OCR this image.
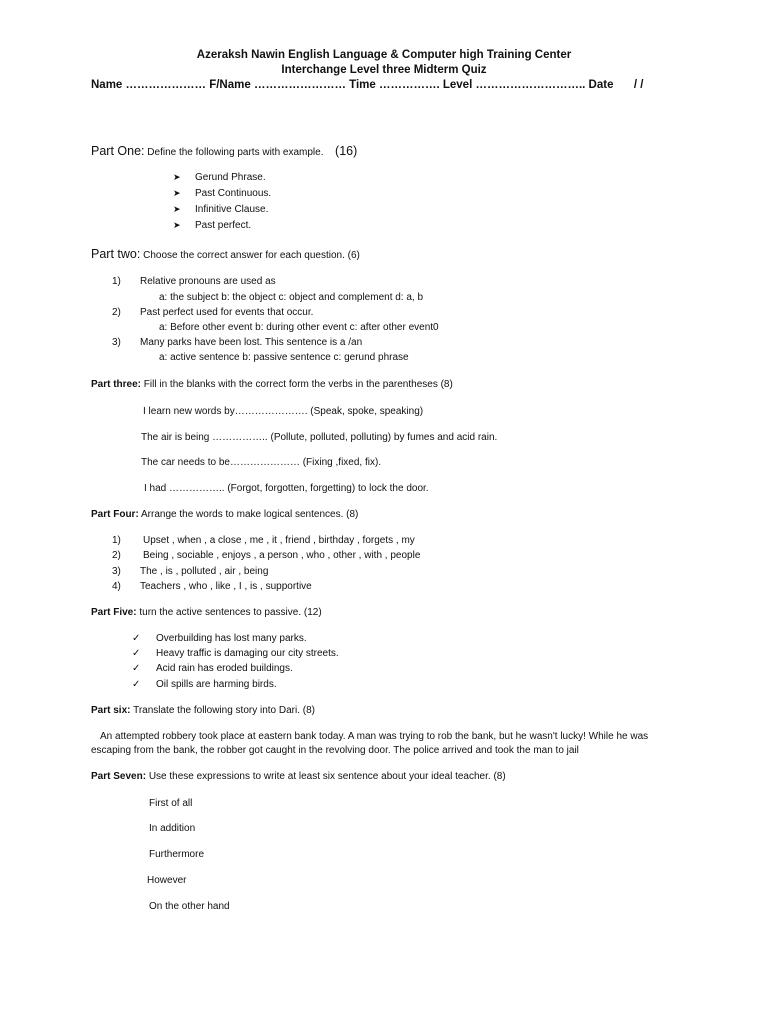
Azeraksh Nawin English Language & Computer high Training Center
Interchange Level three Midterm Quiz
Name ………………… F/Name …………………… Time ……………. Level ……………………….. Date / /
Part One: Define the following parts with example. (16)
➤ Gerund Phrase.
➤ Past Continuous.
➤ Infinitive Clause.
➤ Past perfect.
Part two: Choose the correct answer for each question. (6)
1) Relative pronouns are used as
a: the subject b: the object c: object and complement d: a, b
2) Past perfect used for events that occur.
a: Before other event b: during other event c: after other event0
3) Many parks have been lost. This sentence is a /an
a: active sentence b: passive sentence c: gerund phrase
Part three: Fill in the blanks with the correct form the verbs in the parentheses (8)
I learn new words by…………………. (Speak, spoke, speaking)
The air is being …………….. (Pollute, polluted, polluting) by fumes and acid rain.
The car needs to be………………… (Fixing ,fixed, fix).
I had …………….. (Forgot, forgotten, forgetting) to lock the door.
Part Four: Arrange the words to make logical sentences. (8)
1) Upset , when , a close , me , it , friend , birthday , forgets , my
2) Being , sociable , enjoys , a person , who , other , with , people
3) The , is , polluted , air , being
4) Teachers , who , like , I , is , supportive
Part Five: turn the active sentences to passive. (12)
✓ Overbuilding has lost many parks.
✓ Heavy traffic is damaging our city streets.
✓ Acid rain has eroded buildings.
✓ Oil spills are harming birds.
Part six: Translate the following story into Dari. (8)
An attempted robbery took place at eastern bank today. A man was trying to rob the bank, but he wasn't lucky! While he was
escaping from the bank, the robber got caught in the revolving door. The police arrived and took the man to jail
Part Seven: Use these expressions to write at least six sentence about your ideal teacher. (8)
First of all
In addition
Furthermore
However
On the other hand
